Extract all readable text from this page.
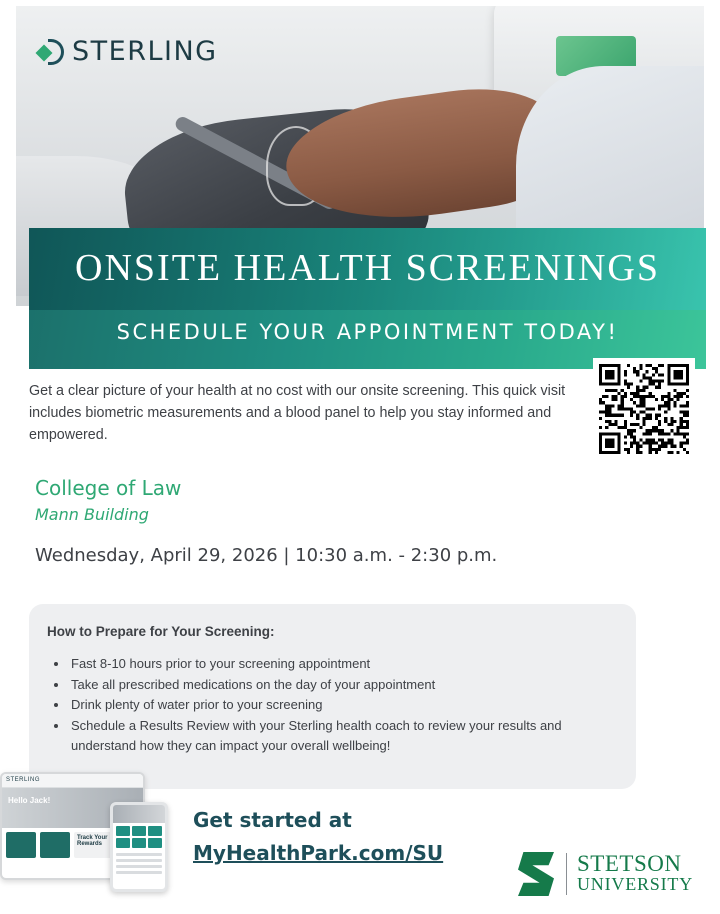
STERLING
ONSITE HEALTH SCREENINGS
SCHEDULE YOUR APPOINTMENT TODAY!

Get a clear picture of your health at no cost with our onsite screening. This quick visit includes biometric measurements and a blood panel to help you stay informed and empowered.

College of Law
Mann Building
Wednesday, April 29, 2026 | 10:30 a.m. - 2:30 p.m.
How to Prepare for Your Screening:
• Fast 8-10 hours prior to your screening appointment
• Take all prescribed medications on the day of your appointment
• Drink plenty of water prior to your screening
• Schedule a Results Review with your Sterling health coach to review your results and understand how they can impact your overall wellbeing!
STERLING
Hello Jack!
Track Your Rewards
Get started at
MyHealthPark.com/SU	STETSON
UNIVERSITY
